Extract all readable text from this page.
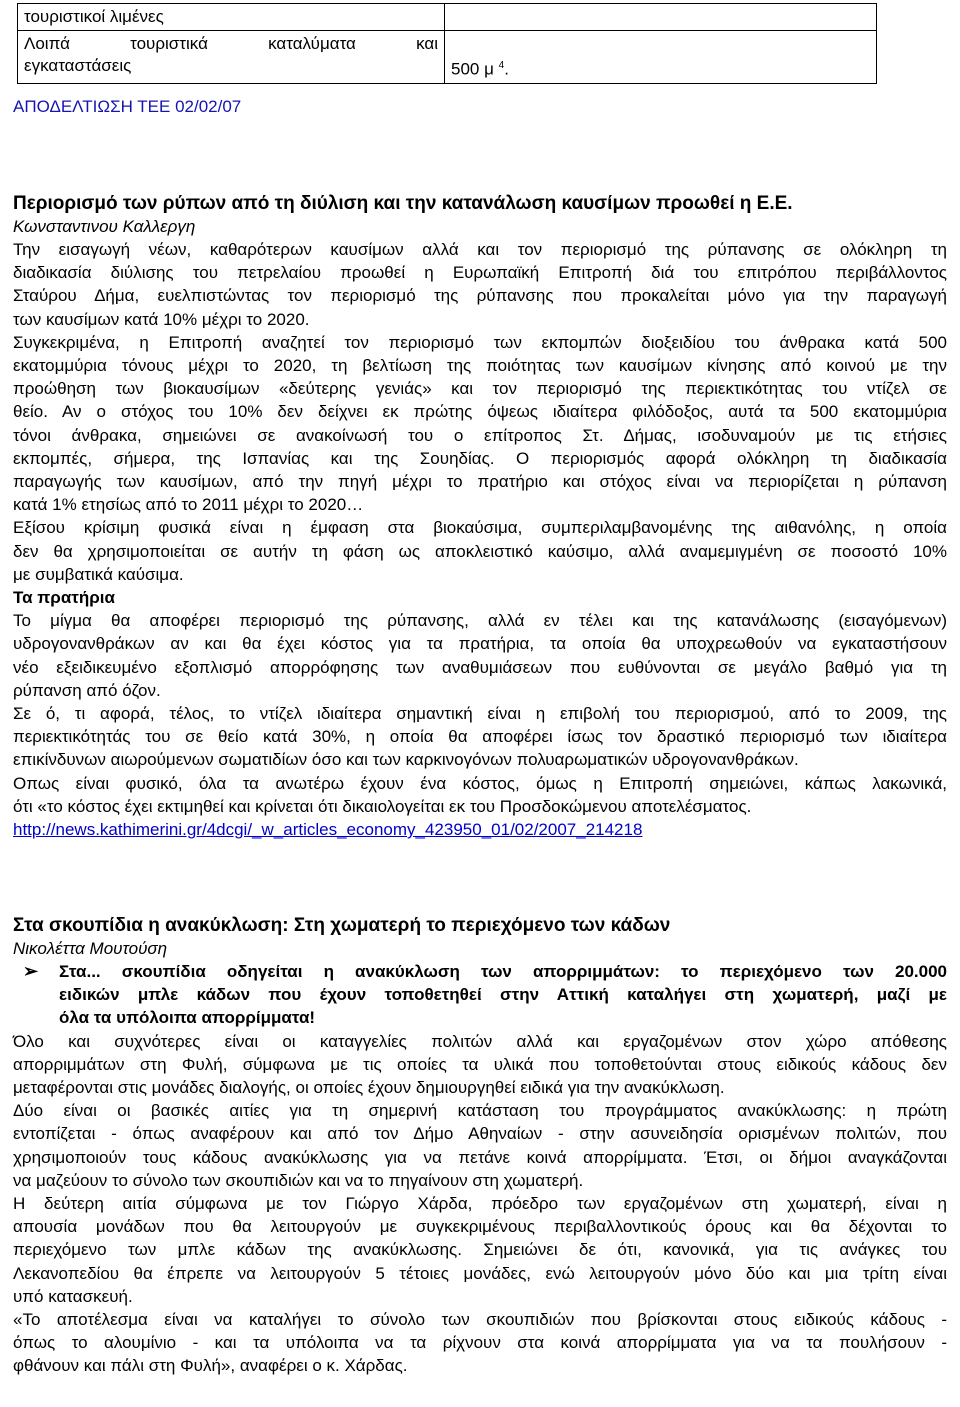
τουριστικοί λιμένες	

Λοιπά τουριστικά καταλύματα και
εγκαταστάσεις	500 μ $^4$.
ΑΠΟΔΕΛΤΙΩΣΗ ΤΕΕ 02/02/07

Περιορισμό των ρύπων από τη διύλιση και την κατανάλωση καυσίμων προωθεί η Ε.Ε.

Κωνσταντινου Καλλεργη
Την εισαγωγή νέων, καθαρότερων καυσίμων αλλά και τον περιορισμό της ρύπανσης σε ολόκληρη τη
διαδικασία διύλισης του πετρελαίου προωθεί η Ευρωπαϊκή Επιτροπή διά του επιτρόπου περιβάλλοντος
Σταύρου Δήμα, ευελπιστώντας τον περιορισμό της ρύπανσης που προκαλείται μόνο για την παραγωγή
των καυσίμων κατά 10% μέχρι το 2020.
Συγκεκριμένα, η Επιτροπή αναζητεί τον περιορισμό των εκπομπών διοξειδίου του άνθρακα κατά 500
εκατομμύρια τόνους μέχρι το 2020, τη βελτίωση της ποιότητας των καυσίμων κίνησης από κοινού με την
προώθηση των βιοκαυσίμων «δεύτερης γενιάς» και τον περιορισμό της περιεκτικότητας του ντίζελ σε
θείο. Αν ο στόχος του 10% δεν δείχνει εκ πρώτης όψεως ιδιαίτερα φιλόδοξος, αυτά τα 500 εκατομμύρια
τόνοι άνθρακα, σημειώνει σε ανακοίνωσή του ο επίτροπος Στ. Δήμας, ισοδυναμούν με τις ετήσιες
εκπομπές, σήμερα, της Ισπανίας και της Σουηδίας. Ο περιορισμός αφορά ολόκληρη τη διαδικασία
παραγωγής των καυσίμων, από την πηγή μέχρι το πρατήριο και στόχος είναι να περιορίζεται η ρύπανση
κατά 1% ετησίως από το 2011 μέχρι το 2020…
Εξίσου κρίσιμη φυσικά είναι η έμφαση στα βιοκαύσιμα, συμπεριλαμβανομένης της αιθανόλης, η οποία
δεν θα χρησιμοποιείται σε αυτήν τη φάση ως αποκλειστικό καύσιμο, αλλά αναμεμιγμένη σε ποσοστό 10%
με συμβατικά καύσιμα.
Τα πρατήρια
Το μίγμα θα αποφέρει περιορισμό της ρύπανσης, αλλά εν τέλει και της κατανάλωσης (εισαγόμενων)
υδρογονανθράκων αν και θα έχει κόστος για τα πρατήρια, τα οποία θα υποχρεωθούν να εγκαταστήσουν
νέο εξειδικευμένο εξοπλισμό απορρόφησης των αναθυμιάσεων που ευθύνονται σε μεγάλο βαθμό για τη
ρύπανση από όζον.
Σε ό, τι αφορά, τέλος, το ντίζελ ιδιαίτερα σημαντική είναι η επιβολή του περιορισμού, από το 2009, της
περιεκτικότητάς του σε θείο κατά 30%, η οποία θα αποφέρει ίσως τον δραστικό περιορισμό των ιδιαίτερα
επικίνδυνων αιωρούμενων σωματιδίων όσο και των καρκινογόνων πολυαρωματικών υδρογονανθράκων.
Οπως είναι φυσικό, όλα τα ανωτέρω έχουν ένα κόστος, όμως η Επιτροπή σημειώνει, κάπως λακωνικά,
ότι «το κόστος έχει εκτιμηθεί και κρίνεται ότι δικαιολογείται εκ του Προσδοκώμενου αποτελέσματος.
http://news.kathimerini.gr/4dcgi/_w_articles_economy_423950_01/02/2007_214218

Στα σκουπίδια η ανακύκλωση: Στη χωματερή το περιεχόμενο των κάδων

Νικολέττα Μουτούση
➢	Στα... σκουπίδια οδηγείται η ανακύκλωση των απορριμμάτων: το περιεχόμενο των 20.000
ειδικών μπλε κάδων που έχουν τοποθετηθεί στην Αττική καταλήγει στη χωματερή, μαζί με
όλα τα υπόλοιπα απορρίμματα!
Όλο και συχνότερες είναι οι καταγγελίες πολιτών αλλά και εργαζομένων στον χώρο απόθεσης
απορριμμάτων στη Φυλή, σύμφωνα με τις οποίες τα υλικά που τοποθετούνται στους ειδικούς κάδους δεν
μεταφέρονται στις μονάδες διαλογής, οι οποίες έχουν δημιουργηθεί ειδικά για την ανακύκλωση.
Δύο είναι οι βασικές αιτίες για τη σημερινή κατάσταση του προγράμματος ανακύκλωσης: η πρώτη
εντοπίζεται - όπως αναφέρουν και από τον Δήμο Αθηναίων - στην ασυνειδησία ορισμένων πολιτών, που
χρησιμοποιούν τους κάδους ανακύκλωσης για να πετάνε κοινά απορρίμματα. Έτσι, οι δήμοι αναγκάζονται
να μαζεύουν το σύνολο των σκουπιδιών και να το πηγαίνουν στη χωματερή.
Η δεύτερη αιτία σύμφωνα με τον Γιώργο Χάρδα, πρόεδρο των εργαζομένων στη χωματερή, είναι η
απουσία μονάδων που θα λειτουργούν με συγκεκριμένους περιβαλλοντικούς όρους και θα δέχονται το
περιεχόμενο των μπλε κάδων της ανακύκλωσης. Σημειώνει δε ότι, κανονικά, για τις ανάγκες του
Λεκανοπεδίου θα έπρεπε να λειτουργούν 5 τέτοιες μονάδες, ενώ λειτουργούν μόνο δύο και μια τρίτη είναι
υπό κατασκευή.
«Το αποτέλεσμα είναι να καταλήγει το σύνολο των σκουπιδιών που βρίσκονται στους ειδικούς κάδους -
όπως το αλουμίνιο - και τα υπόλοιπα να τα ρίχνουν στα κοινά απορρίμματα για να τα πουλήσουν -
φθάνουν και πάλι στη Φυλή», αναφέρει ο κ. Χάρδας.
